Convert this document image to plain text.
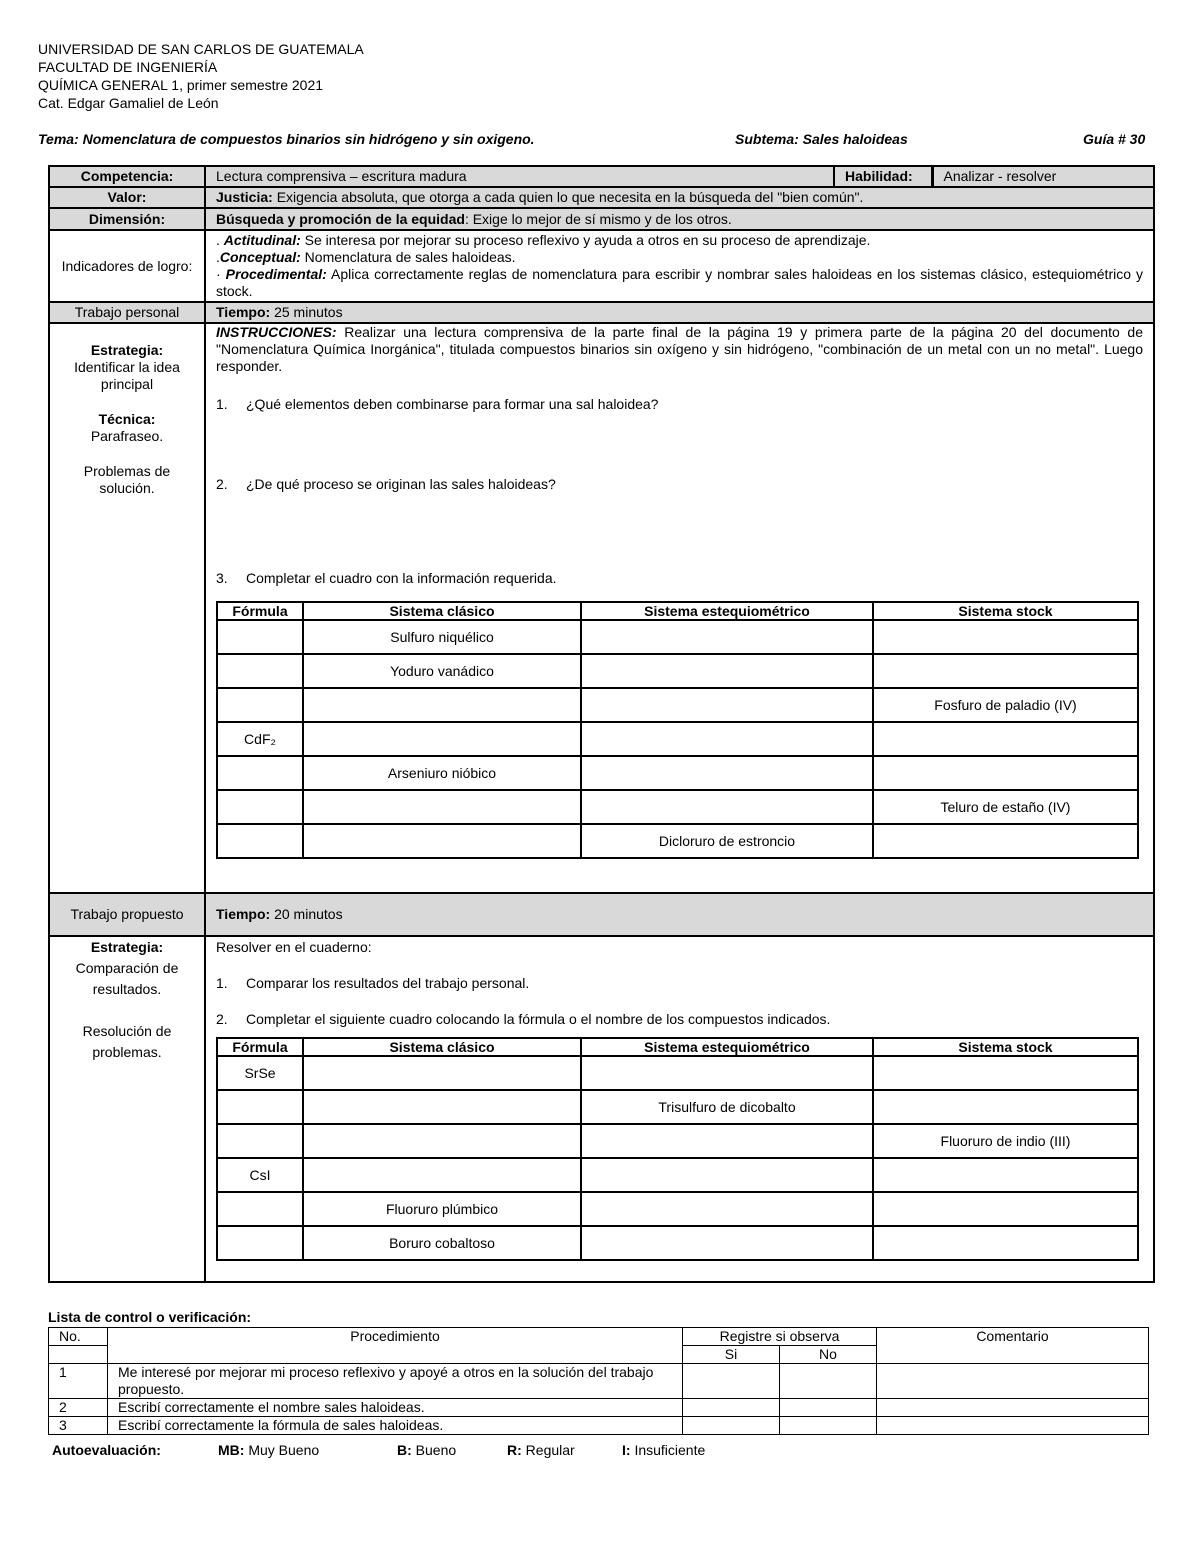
UNIVERSIDAD DE SAN CARLOS DE GUATEMALA
FACULTAD DE INGENIERÍA
QUÍMICA GENERAL 1, primer semestre 2021
Cat. Edgar Gamaliel de León
Tema: Nomenclatura de compuestos binarios sin hidrógeno y sin oxigeno.	Subtema: Sales haloideas	Guía # 30
Competencia:		Lectura comprensiva – escritura madura	Habilidad:	Analizar - resolver

Valor:	Justicia: Exigencia absoluta, que otorga a cada quien lo que necesita en la búsqueda del "bien común".
Dimensión:	Búsqueda y promoción de la equidad: Exige lo mejor de sí mismo y de los otros.
Indicadores de logro:	
. Actitudinal: Se interesa por mejorar su proceso reflexivo y ayuda a otros en su proceso de aprendizaje.
.Conceptual: Nomenclatura de sales haloideas.
· Procedimental: Aplica correctamente reglas de nomenclatura para escribir y nombrar sales haloideas en los sistemas clásico, estequiométrico y stock.

Trabajo personal	Tiempo: 25 minutos

Estrategia:
Identificar la idea principal
Técnica:
Parafraseo.
Problemas de solución.

INSTRUCCIONES: Realizar una lectura comprensiva de la parte final de la página 19 y primera parte de la página 20 del documento de "Nomenclatura Química Inorgánica", titulada compuestos binarios sin oxígeno y sin hidrógeno, "combinación de un metal con un no metal". Luego responder.
1. ¿Qué elementos deben combinarse para formar una sal haloidea?
2. ¿De qué proceso se originan las sales haloideas?
3. Completar el cuadro con la información requerida.
Fórmula	Sistema clásico	Sistema estequiométrico	Sistema stock
	Sulfuro niquélico		
	Yoduro vanádico		
			Fosfuro de paladio (IV)
CdF₂			
	Arseniuro nióbico		
			Teluro de estaño (IV)
		Dicloruro de estroncio	

Trabajo propuesto	Tiempo: 20 minutos

Estrategia:
Comparación de resultados.
Resolución de problemas.

Resolver en el cuaderno:
1. Comparar los resultados del trabajo personal.
2. Completar el siguiente cuadro colocando la fórmula o el nombre de los compuestos indicados.
Fórmula	Sistema clásico	Sistema estequiométrico	Sistema stock
SrSe			
		Trisulfuro de dicobalto	
			Fluoruro de indio (III)
CsI			
	Fluoruro plúmbico		
	Boruro cobaltoso		
Lista de control o verificación:
No.	Procedimiento	Registre si observa		Comentario
		Si	No	
1	Me interesé por mejorar mi proceso reflexivo y apoyé a otros en la solución del trabajo propuesto.			
2	Escribí correctamente el nombre sales haloideas.			
3	Escribí correctamente la fórmula de sales haloideas.			
Autoevaluación:	MB: Muy Bueno	B: Bueno	R: Regular	I: Insuficiente
